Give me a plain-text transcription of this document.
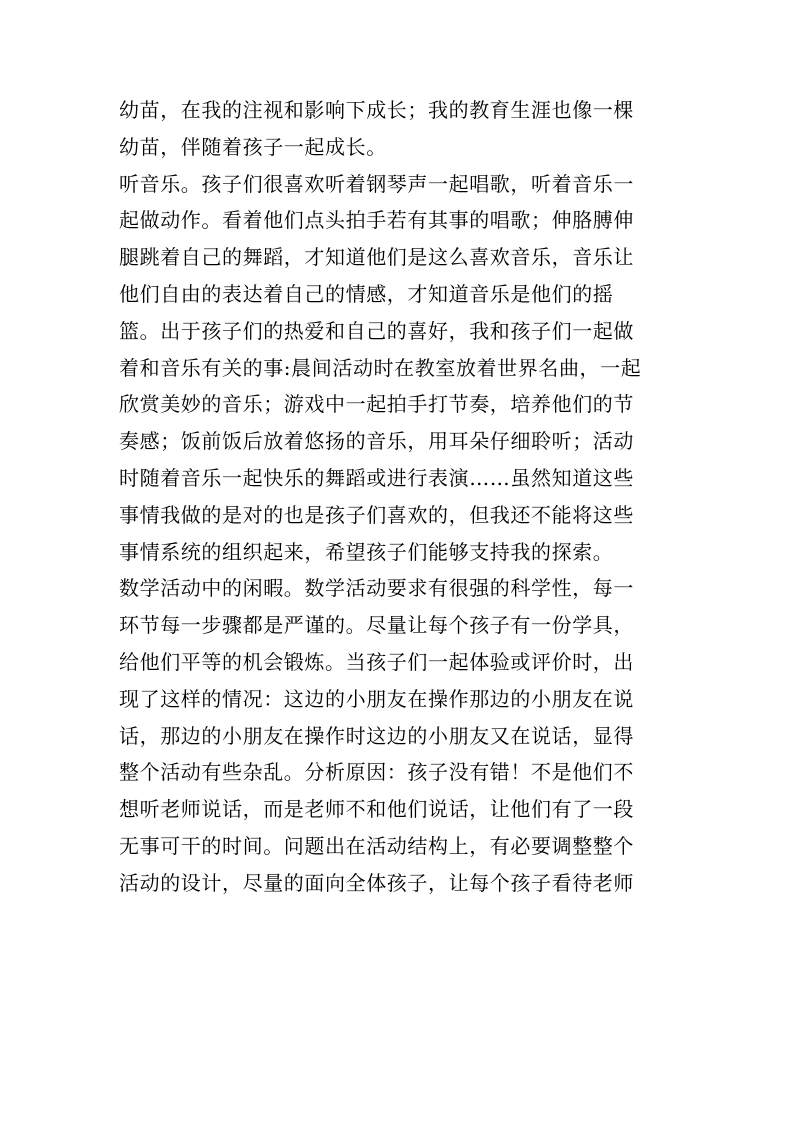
幼苗，在我的注视和影响下成长；我的教育生涯也像一棵
幼苗，伴随着孩子一起成长。
听音乐。孩子们很喜欢听着钢琴声一起唱歌，听着音乐一
起做动作。看着他们点头拍手若有其事的唱歌；伸胳膊伸
腿跳着自己的舞蹈，才知道他们是这么喜欢音乐，音乐让
他们自由的表达着自己的情感，才知道音乐是他们的摇
篮。出于孩子们的热爱和自己的喜好，我和孩子们一起做
着和音乐有关的事:晨间活动时在教室放着世界名曲，一起
欣赏美妙的音乐；游戏中一起拍手打节奏，培养他们的节
奏感；饭前饭后放着悠扬的音乐，用耳朵仔细聆听；活动
时随着音乐一起快乐的舞蹈或进行表演……虽然知道这些
事情我做的是对的也是孩子们喜欢的，但我还不能将这些
事情系统的组织起来，希望孩子们能够支持我的探索。
数学活动中的闲暇。数学活动要求有很强的科学性，每一
环节每一步骤都是严谨的。尽量让每个孩子有一份学具，
给他们平等的机会锻炼。当孩子们一起体验或评价时，出
现了这样的情况：这边的小朋友在操作那边的小朋友在说
话，那边的小朋友在操作时这边的小朋友又在说话，显得
整个活动有些杂乱。分析原因：孩子没有错！不是他们不
想听老师说话，而是老师不和他们说话，让他们有了一段
无事可干的时间。问题出在活动结构上，有必要调整整个
活动的设计，尽量的面向全体孩子，让每个孩子看待老师
